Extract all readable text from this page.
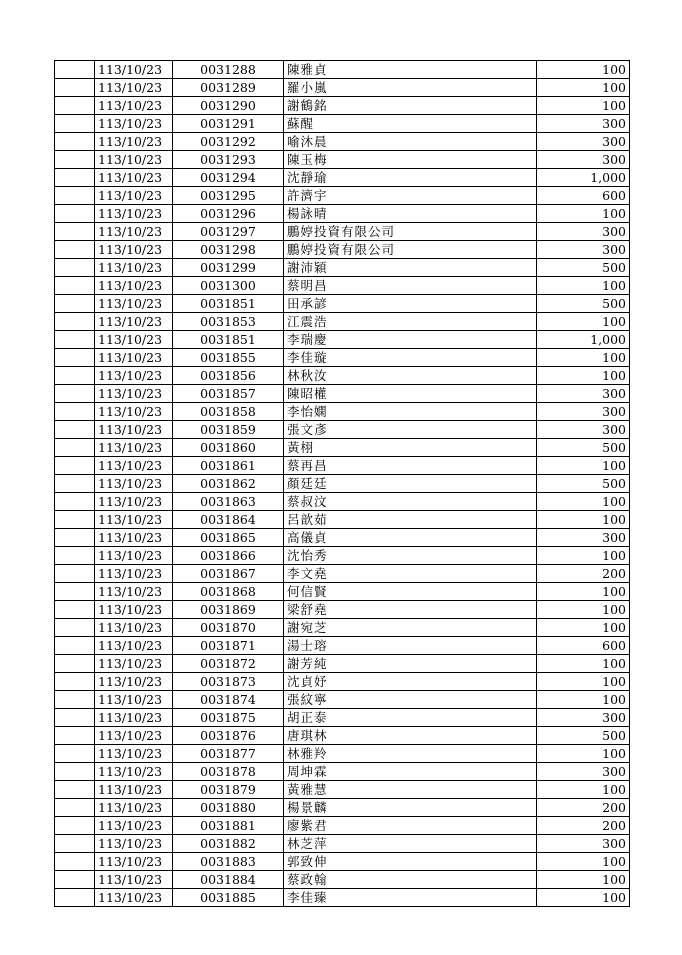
	113/10/23	0031288	陳雅貞	100
	113/10/23	0031289	羅小嵐	100
	113/10/23	0031290	謝鶴銘	100
	113/10/23	0031291	蘇醒	300
	113/10/23	0031292	喻沐晨	300
	113/10/23	0031293	陳玉梅	300
	113/10/23	0031294	沈靜瑜	1,000
	113/10/23	0031295	許濟宇	600
	113/10/23	0031296	楊詠晴	100
	113/10/23	0031297	鵬婷投資有限公司	300
	113/10/23	0031298	鵬婷投資有限公司	300
	113/10/23	0031299	謝沛穎	500
	113/10/23	0031300	蔡明昌	100
	113/10/23	0031851	田承諺	500
	113/10/23	0031853	江震浩	100
	113/10/23	0031851	李瑞慶	1,000
	113/10/23	0031855	李佳璇	100
	113/10/23	0031856	林秋汝	100
	113/10/23	0031857	陳昭權	300
	113/10/23	0031858	李怡嫻	300
	113/10/23	0031859	張文彥	300
	113/10/23	0031860	黃栩	500
	113/10/23	0031861	蔡再昌	100
	113/10/23	0031862	顏廷廷	500
	113/10/23	0031863	蔡叔汶	100
	113/10/23	0031864	呂歆茹	100
	113/10/23	0031865	高儀貞	300
	113/10/23	0031866	沈怡秀	100
	113/10/23	0031867	李文堯	200
	113/10/23	0031868	何信賢	100
	113/10/23	0031869	梁舒堯	100
	113/10/23	0031870	謝宛芝	100
	113/10/23	0031871	湯士瑢	600
	113/10/23	0031872	謝芳純	100
	113/10/23	0031873	沈貞妤	100
	113/10/23	0031874	張紋寧	100
	113/10/23	0031875	胡正泰	300
	113/10/23	0031876	唐琪林	500
	113/10/23	0031877	林雅羚	100
	113/10/23	0031878	周坤霖	300
	113/10/23	0031879	黃雅慧	100
	113/10/23	0031880	楊景麟	200
	113/10/23	0031881	廖紫君	200
	113/10/23	0031882	林芝萍	300
	113/10/23	0031883	郭致伸	100
	113/10/23	0031884	蔡政翰	100
	113/10/23	0031885	李佳臻	100
